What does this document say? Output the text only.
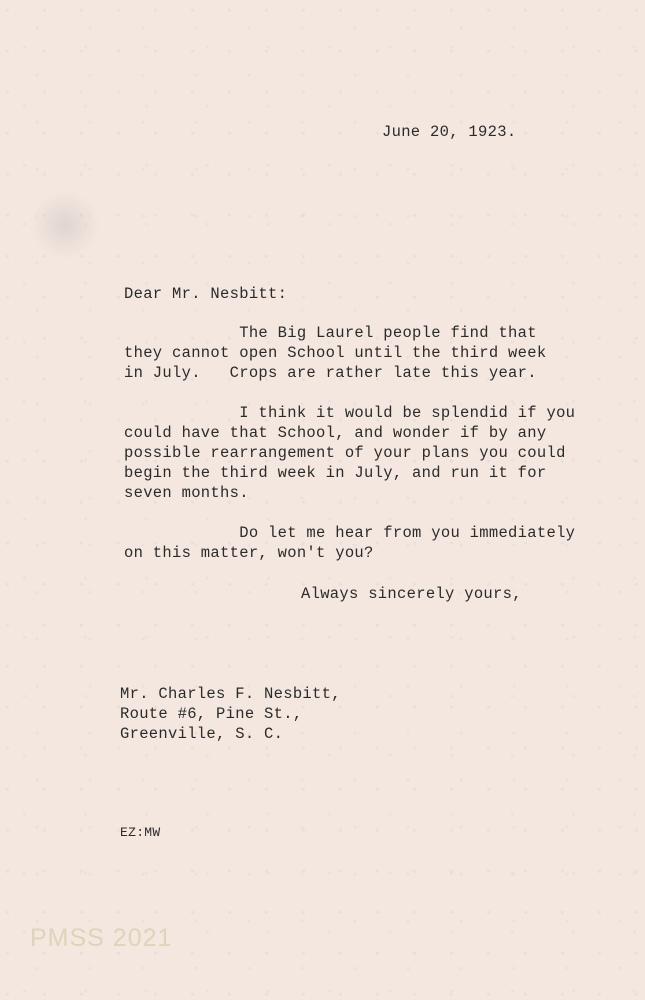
June 20, 1923.
Dear Mr. Nesbitt:
The Big Laurel people find that
they cannot open School until the third week
in July.   Crops are rather late this year.
I think it would be splendid if you
could have that School, and wonder if by any
possible rearrangement of your plans you could
begin the third week in July, and run it for
seven months.
Do let me hear from you immediately
on this matter, won't you?
Always sincerely yours,
Mr. Charles F. Nesbitt,
Route #6, Pine St.,
Greenville, S. C.
EZ:MW
PMSS 2021
